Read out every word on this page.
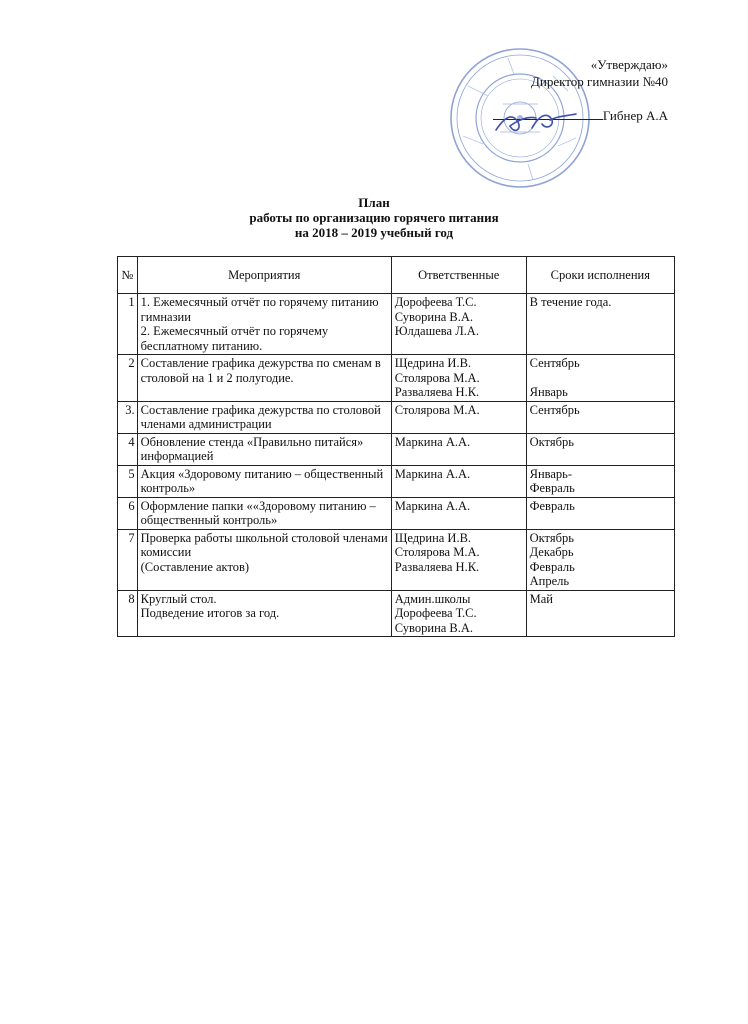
«Утверждаю»
Директор гимназии №40
Гибнер А.А
План
работы по организацию горячего питания
на 2018 – 2019 учебный год
№	Мероприятия	Ответственные	Сроки исполнения
1	1. Ежемесячный отчёт по горячему питанию гимназии
2. Ежемесячный отчёт по горячему бесплатному питанию.	Дорофеева Т.С.
Суворина В.А.
Юлдашева Л.А.	В течение года.

2	Составление графика дежурства по сменам в столовой на 1 и 2 полугодие.	Щедрина И.В.
Столярова М.А.
Разваляева Н.К.	Сентябрь
Январь

3.	Составление графика дежурства по столовой членами администрации	Столярова М.А.	Сентябрь

4	Обновление стенда «Правильно питайся» информацией	Маркина А.А.	Октябрь

5	Акция «Здоровому питанию – общественный контроль»	Маркина А.А.	Январь-
Февраль

6	Оформление папки ««Здоровому питанию – общественный контроль»	Маркина А.А.	Февраль

7	Проверка работы школьной столовой членами комиссии
(Составление актов)	Щедрина И.В.
Столярова М.А.
Разваляева Н.К.	Октябрь
Декабрь
Февраль
Апрель

8	Круглый стол.
Подведение итогов за год.	Админ.школы
Дорофеева Т.С.
Суворина В.А.	Май
